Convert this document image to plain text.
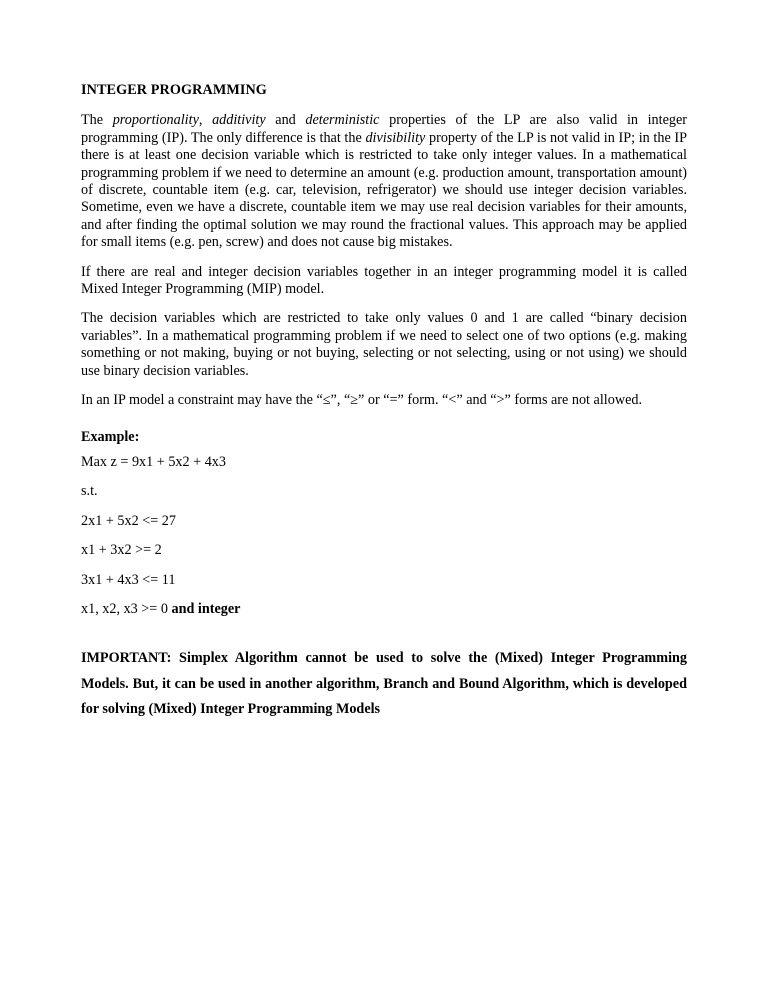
INTEGER PROGRAMMING

The proportionality, additivity and deterministic properties of the LP are also valid in integer programming (IP). The only difference is that the divisibility property of the LP is not valid in IP; in the IP there is at least one decision variable which is restricted to take only integer values. In a mathematical programming problem if we need to determine an amount (e.g. production amount, transportation amount) of discrete, countable item (e.g. car, television, refrigerator) we should use integer decision variables. Sometime, even we have a discrete, countable item we may use real decision variables for their amounts, and after finding the optimal solution we may round the fractional values. This approach may be applied for small items (e.g. pen, screw) and does not cause big mistakes.

If there are real and integer decision variables together in an integer programming model it is called Mixed Integer Programming (MIP) model.

The decision variables which are restricted to take only values 0 and 1 are called “binary decision variables”. In a mathematical programming problem if we need to select one of two options (e.g. making something or not making, buying or not buying, selecting or not selecting, using or not using) we should use binary decision variables.

In an IP model a constraint may have the “≤”, “≥” or “=” form. “<” and “>” forms are not allowed.

Example:
Max z = 9x1 + 5x2 + 4x3
s.t.
2x1 + 5x2 <= 27
x1 + 3x2 >= 2
3x1 + 4x3 <= 11
x1, x2, x3 >= 0 and integer
IMPORTANT: Simplex Algorithm cannot be used to solve the (Mixed) Integer Programming Models. But, it can be used in another algorithm, Branch and Bound Algorithm, which is developed for solving (Mixed) Integer Programming Models
